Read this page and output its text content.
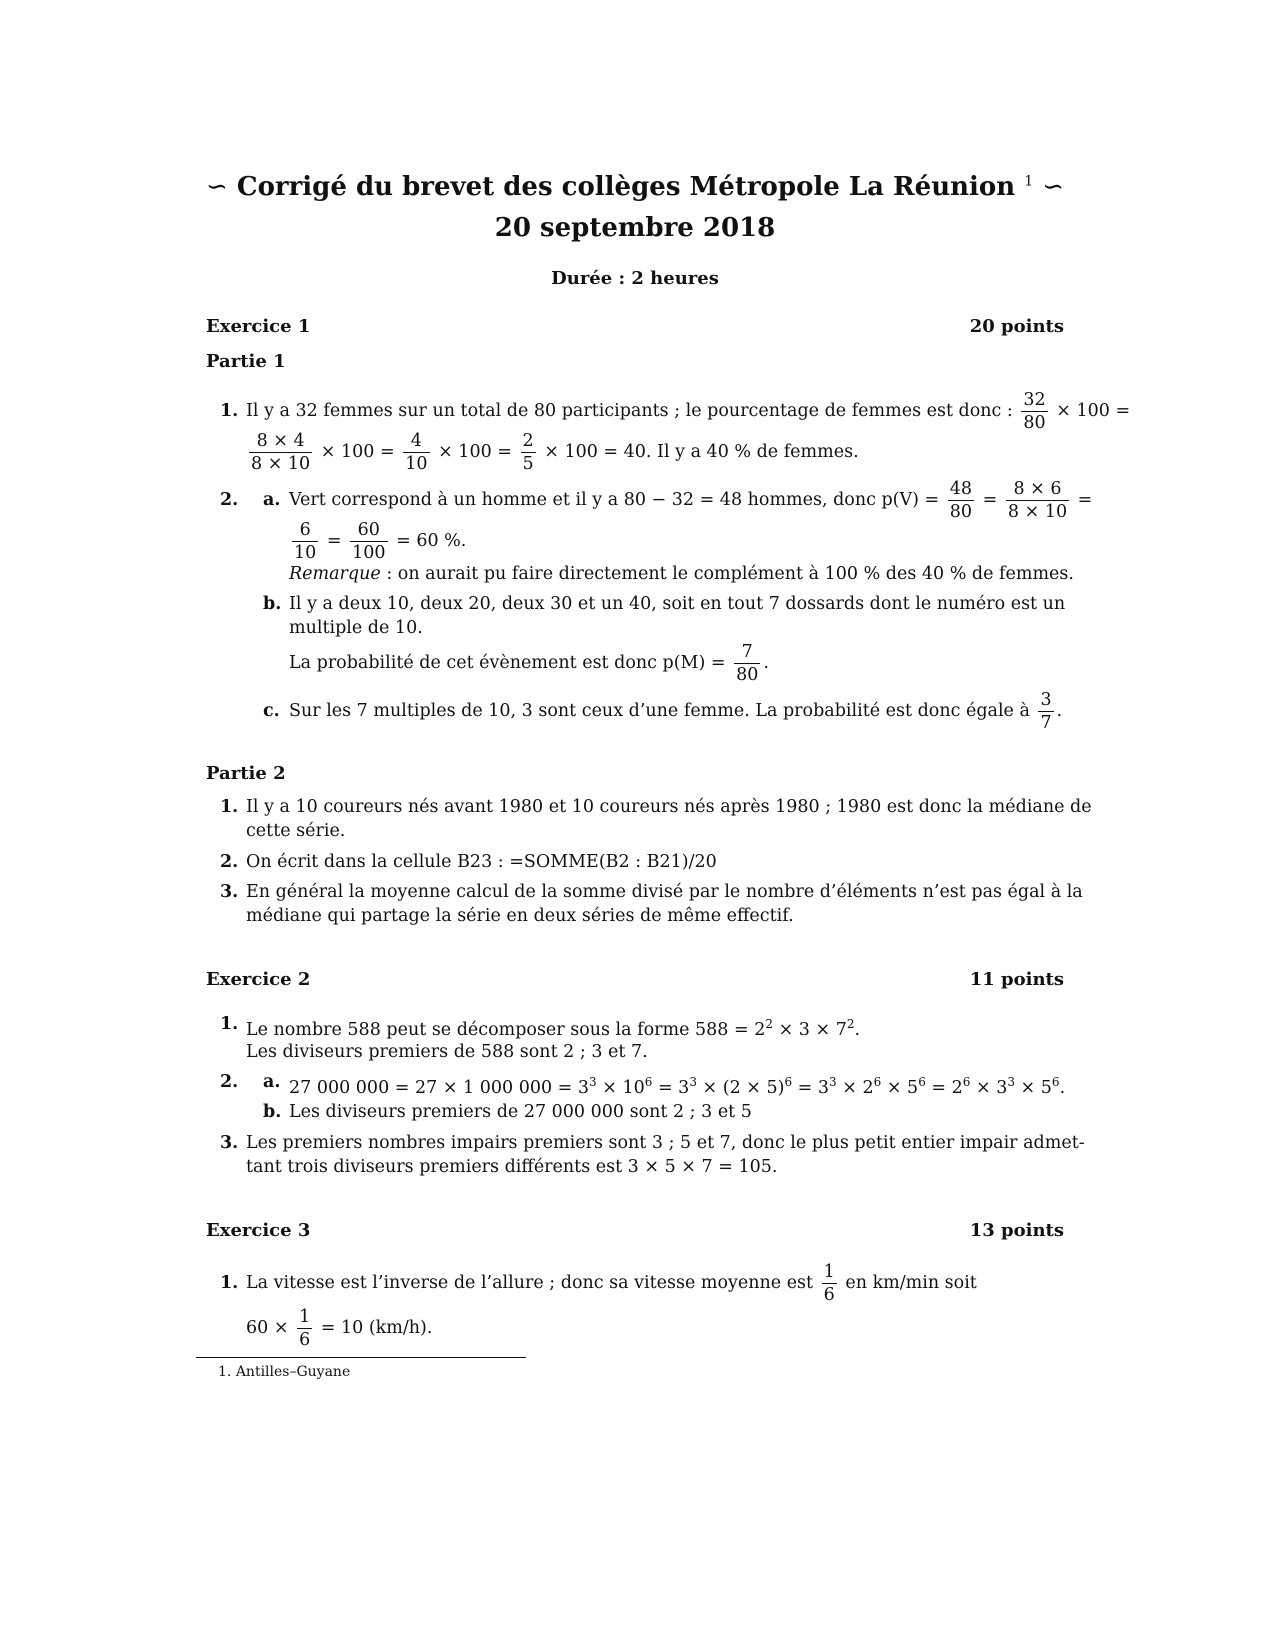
∽ Corrigé du brevet des collèges Métropole La Réunion $^1$ ∽
20 septembre 2018
Durée : 2 heures
Exercice 1	20 points
Partie 1
1. Il y a 32 femmes sur un total de 80 participants ; le pourcentage de femmes est donc : $\frac{32}{80} \times 100$ =
$\frac{8 \times 4}{8 \times 10} \times 100 = \frac{4}{10} \times 100 = \frac{2}{5} \times 100 = 40$. Il y a 40 % de femmes.
2. a. Vert correspond à un homme et il y a 80 − 32 = 48 hommes, donc $p(V) = \frac{48}{80} = \frac{8 \times 6}{8 \times 10}$ =
$\frac{6}{10} = \frac{60}{100} = 60$ %.
Remarque : on aurait pu faire directement le complément à 100 % des 40 % de femmes.
b. Il y a deux 10, deux 20, deux 30 et un 40, soit en tout 7 dossards dont le numéro est un
multiple de 10.
La probabilité de cet évènement est donc $p(M) = \frac{7}{80}$ .
c. Sur les 7 multiples de 10, 3 sont ceux d’une femme. La probabilité est donc égale à $\frac{3}{7}$ .
Partie 2
1. Il y a 10 coureurs nés avant 1980 et 10 coureurs nés après 1980 ; 1980 est donc la médiane de
cette série.
2. On écrit dans la cellule B23 : =SOMME(B2 : B21)/20
3. En général la moyenne calcul de la somme divisé par le nombre d’éléments n’est pas égal à la
médiane qui partage la série en deux séries de même effectif.
Exercice 2	11 points
1. Le nombre 588 peut se décomposer sous la forme $588 = 2^2 \times 3 \times 7^2$.
Les diviseurs premiers de 588 sont 2 ; 3 et 7.
2. a. 27 000 000 = 27 × 1 000 $000 = 3^3 \times 10^6 = 3^3 \times (2 \times 5)^6 = 3^3 \times 2^6 \times 5^6 = 2^6 \times 3^3 \times 5^6$.
b. Les diviseurs premiers de 27 000 000 sont 2 ; 3 et 5
3. Les premiers nombres impairs premiers sont 3 ; 5 et 7, donc le plus petit entier impair admet-
tant trois diviseurs premiers différents est 3 × 5 × 7 = 105.
Exercice 3	13 points
1. La vitesse est l’inverse de l’allure ; donc sa vitesse moyenne est $\frac{1}{6}$ en km/min soit
$60 \times \frac{1}{6} = 10$ (km/h).
1. Antilles–Guyane
